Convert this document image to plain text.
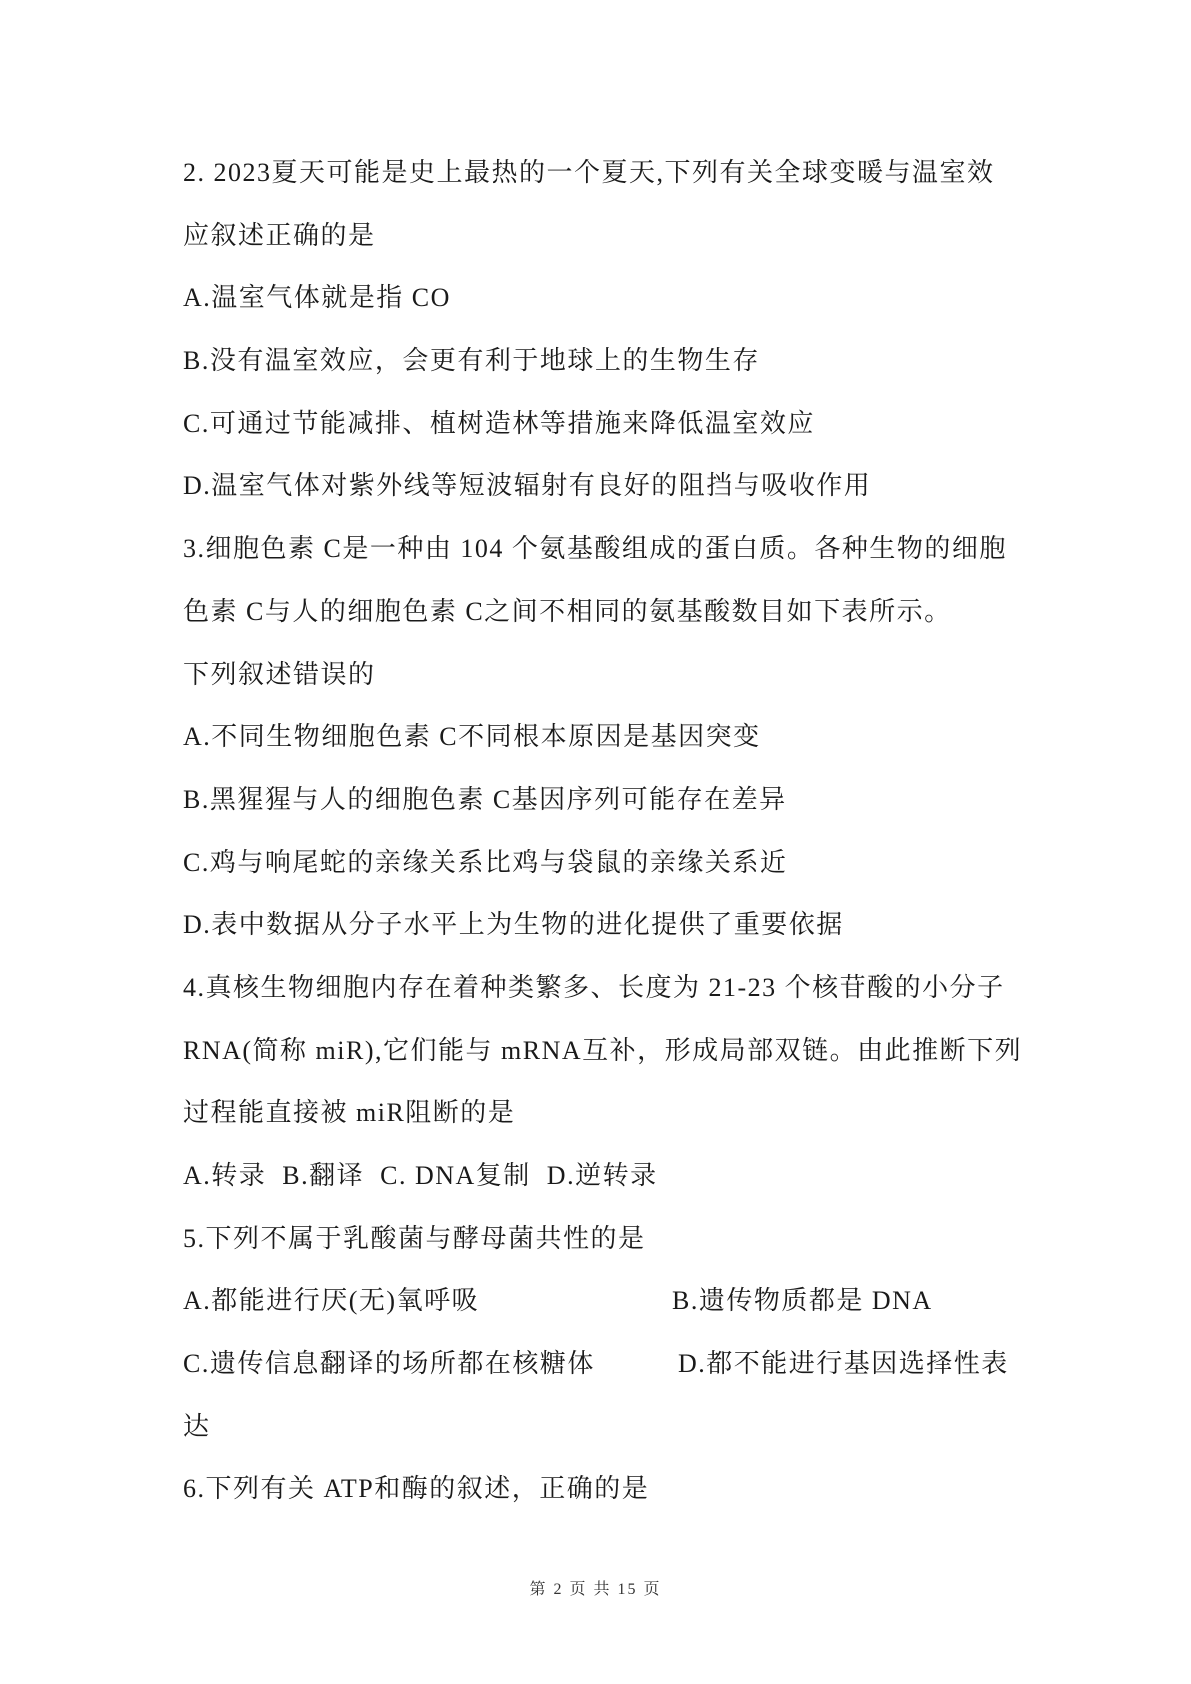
2. 2023夏天可能是史上最热的一个夏天,下列有关全球变暖与温室效
应叙述正确的是
A.温室气体就是指 CO
B.没有温室效应，会更有利于地球上的生物生存
C.可通过节能减排、植树造林等措施来降低温室效应
D.温室气体对紫外线等短波辐射有良好的阻挡与吸收作用
3.细胞色素 C是一种由 104 个氨基酸组成的蛋白质。各种生物的细胞
色素 C与人的细胞色素 C之间不相同的氨基酸数目如下表所示。
下列叙述错误的
A.不同生物细胞色素 C不同根本原因是基因突变
B.黑猩猩与人的细胞色素 C基因序列可能存在差异
C.鸡与响尾蛇的亲缘关系比鸡与袋鼠的亲缘关系近
D.表中数据从分子水平上为生物的进化提供了重要依据
4.真核生物细胞内存在着种类繁多、长度为 21-23 个核苷酸的小分子
RNA(简称 miR),它们能与 mRNA互补，形成局部双链。由此推断下列
过程能直接被 miR阻断的是
A.转录 B.翻译 C. DNA复制 D.逆转录
5.下列不属于乳酸菌与酵母菌共性的是
A.都能进行厌(无)氧呼吸	B.遗传物质都是 DNA
C.遗传信息翻译的场所都在核糖体	D.都不能进行基因选择性表
达
6.下列有关 ATP和酶的叙述，正确的是
第 2 页 共 15 页
